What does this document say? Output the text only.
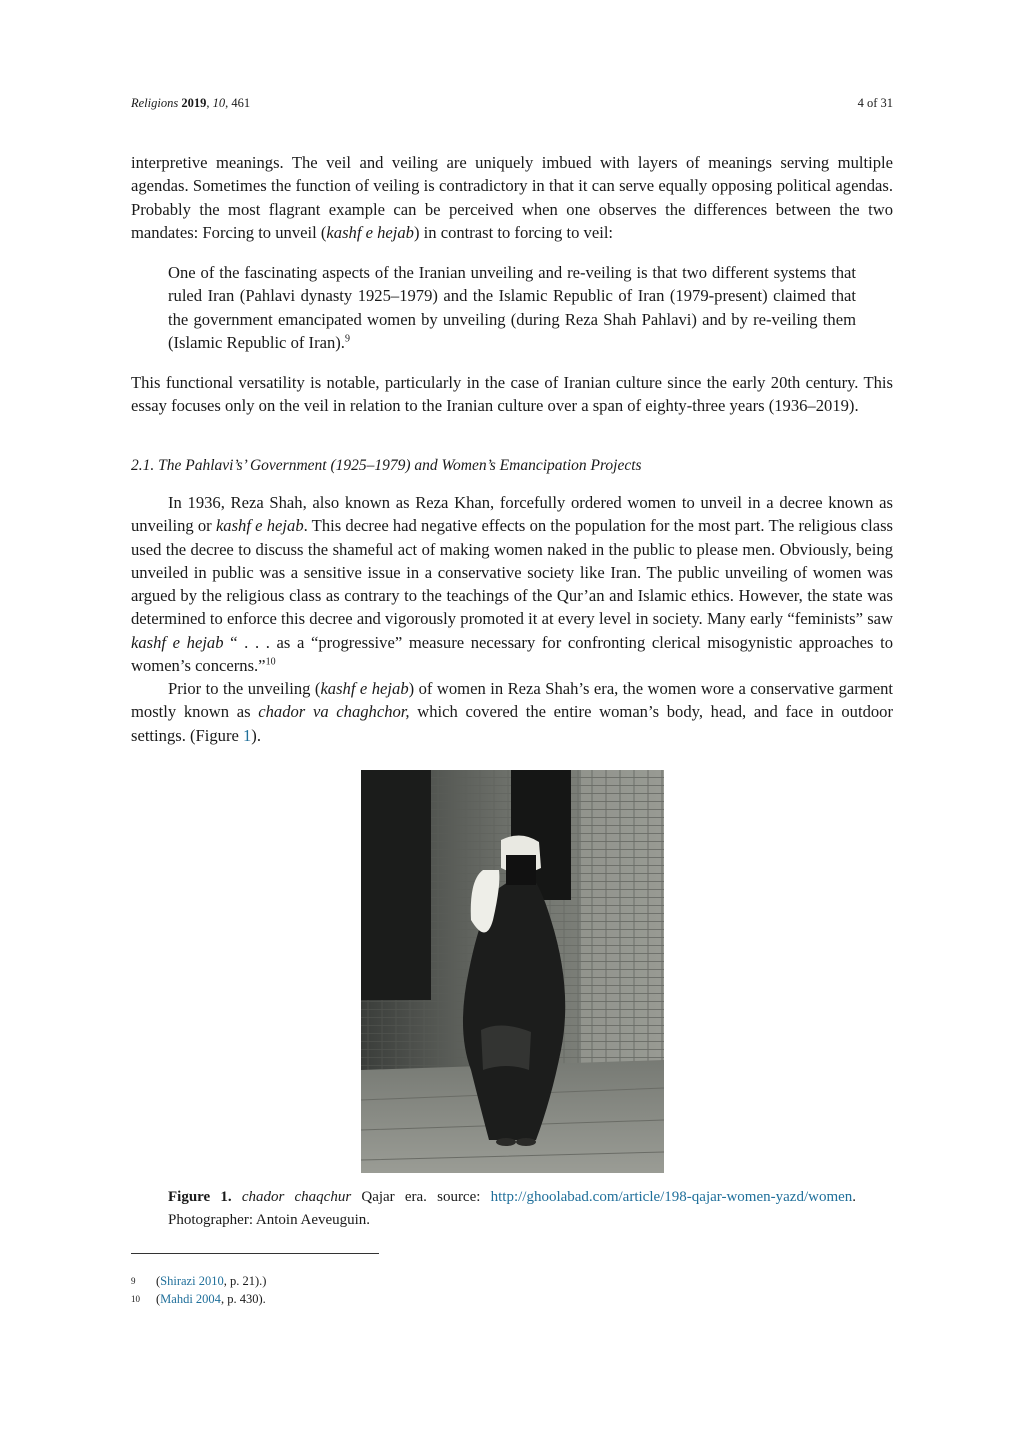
Religions 2019, 10, 461	4 of 31

interpretive meanings. The veil and veiling are uniquely imbued with layers of meanings serving multiple agendas. Sometimes the function of veiling is contradictory in that it can serve equally opposing political agendas. Probably the most flagrant example can be perceived when one observes the differences between the two mandates: Forcing to unveil (kashf e hejab) in contrast to forcing to veil:

One of the fascinating aspects of the Iranian unveiling and re-veiling is that two different systems that ruled Iran (Pahlavi dynasty 1925–1979) and the Islamic Republic of Iran (1979-present) claimed that the government emancipated women by unveiling (during Reza Shah Pahlavi) and by re-veiling them (Islamic Republic of Iran).$^9$

This functional versatility is notable, particularly in the case of Iranian culture since the early 20th century. This essay focuses only on the veil in relation to the Iranian culture over a span of eighty-three years (1936–2019).

2.1. The Pahlavi’s’ Government (1925–1979) and Women’s Emancipation Projects

In 1936, Reza Shah, also known as Reza Khan, forcefully ordered women to unveil in a decree known as unveiling or kashf e hejab. This decree had negative effects on the population for the most part. The religious class used the decree to discuss the shameful act of making women naked in the public to please men. Obviously, being unveiled in public was a sensitive issue in a conservative society like Iran. The public unveiling of women was argued by the religious class as contrary to the teachings of the Qur’an and Islamic ethics. However, the state was determined to enforce this decree and vigorously promoted it at every level in society. Many early “feminists” saw kashf e hejab “ . . . as a “progressive” measure necessary for confronting clerical misogynistic approaches to women’s concerns.”$^{10}$

Prior to the unveiling (kashf e hejab) of women in Reza Shah’s era, the women wore a conservative garment mostly known as chador va chaghchor, which covered the entire woman’s body, head, and face in outdoor settings. (Figure 1).

Figure 1. chador chaqchur Qajar era. source: http://ghoolabad.com/article/198-qajar-women-yazd/women. Photographer: Antoin Aeveuguin.
9 (Shirazi 2010, p. 21).)
10 (Mahdi 2004, p. 430).
